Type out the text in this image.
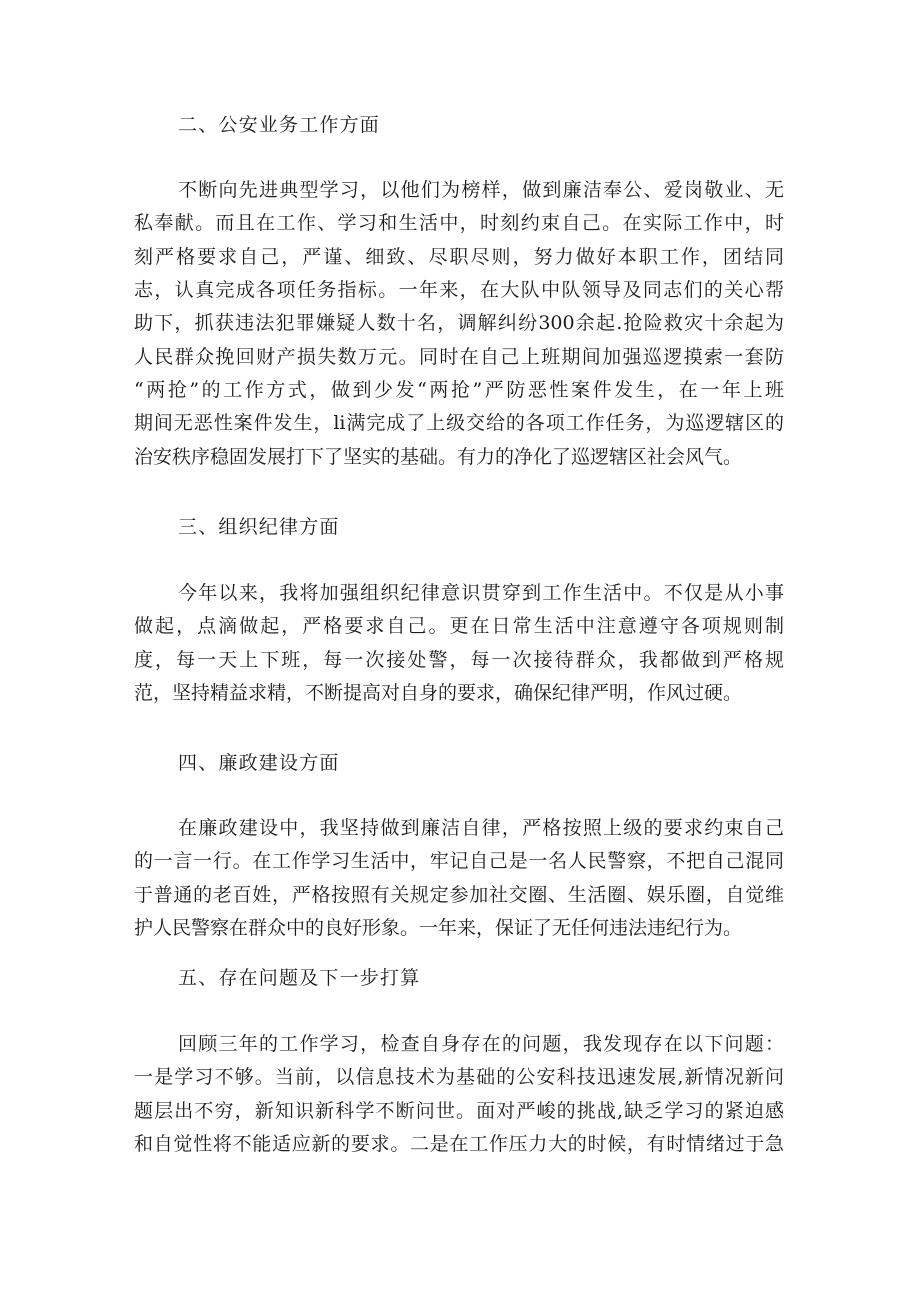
二、公安业务工作方面
不断向先进典型学习，以他们为榜样，做到廉洁奉公、爱岗敬业、无
私奉献。而且在工作、学习和生活中，时刻约束自己。在实际工作中，时
刻严格要求自己，严谨、细致、尽职尽则，努力做好本职工作，团结同
志，认真完成各项任务指标。一年来，在大队中队领导及同志们的关心帮
助下，抓获违法犯罪嫌疑人数十名，调解纠纷300余起.抢险救灾十余起为
人民群众挽回财产损失数万元。同时在自己上班期间加强巡逻摸索一套防
“两抢”的工作方式，做到少发“两抢”严防恶性案件发生，在一年上班
期间无恶性案件发生，li满完成了上级交给的各项工作任务，为巡逻辖区的
治安秩序稳固发展打下了坚实的基础。有力的净化了巡逻辖区社会风气。
三、组织纪律方面
今年以来，我将加强组织纪律意识贯穿到工作生活中。不仅是从小事
做起，点滴做起，严格要求自己。更在日常生活中注意遵守各项规则制
度，每一天上下班，每一次接处警，每一次接待群众，我都做到严格规
范，坚持精益求精，不断提高对自身的要求，确保纪律严明，作风过硬。
四、廉政建设方面
在廉政建设中，我坚持做到廉洁自律，严格按照上级的要求约束自己
的一言一行。在工作学习生活中，牢记自己是一名人民警察，不把自己混同
于普通的老百姓，严格按照有关规定参加社交圈、生活圈、娱乐圈，自觉维
护人民警察在群众中的良好形象。一年来，保证了无任何违法违纪行为。
五、存在问题及下一步打算
回顾三年的工作学习，检查自身存在的问题，我发现存在以下问题：
一是学习不够。当前，以信息技术为基础的公安科技迅速发展,新情况新问
题层出不穷，新知识新科学不断问世。面对严峻的挑战,缺乏学习的紧迫感
和自觉性将不能适应新的要求。二是在工作压力大的时候，有时情绪过于急
